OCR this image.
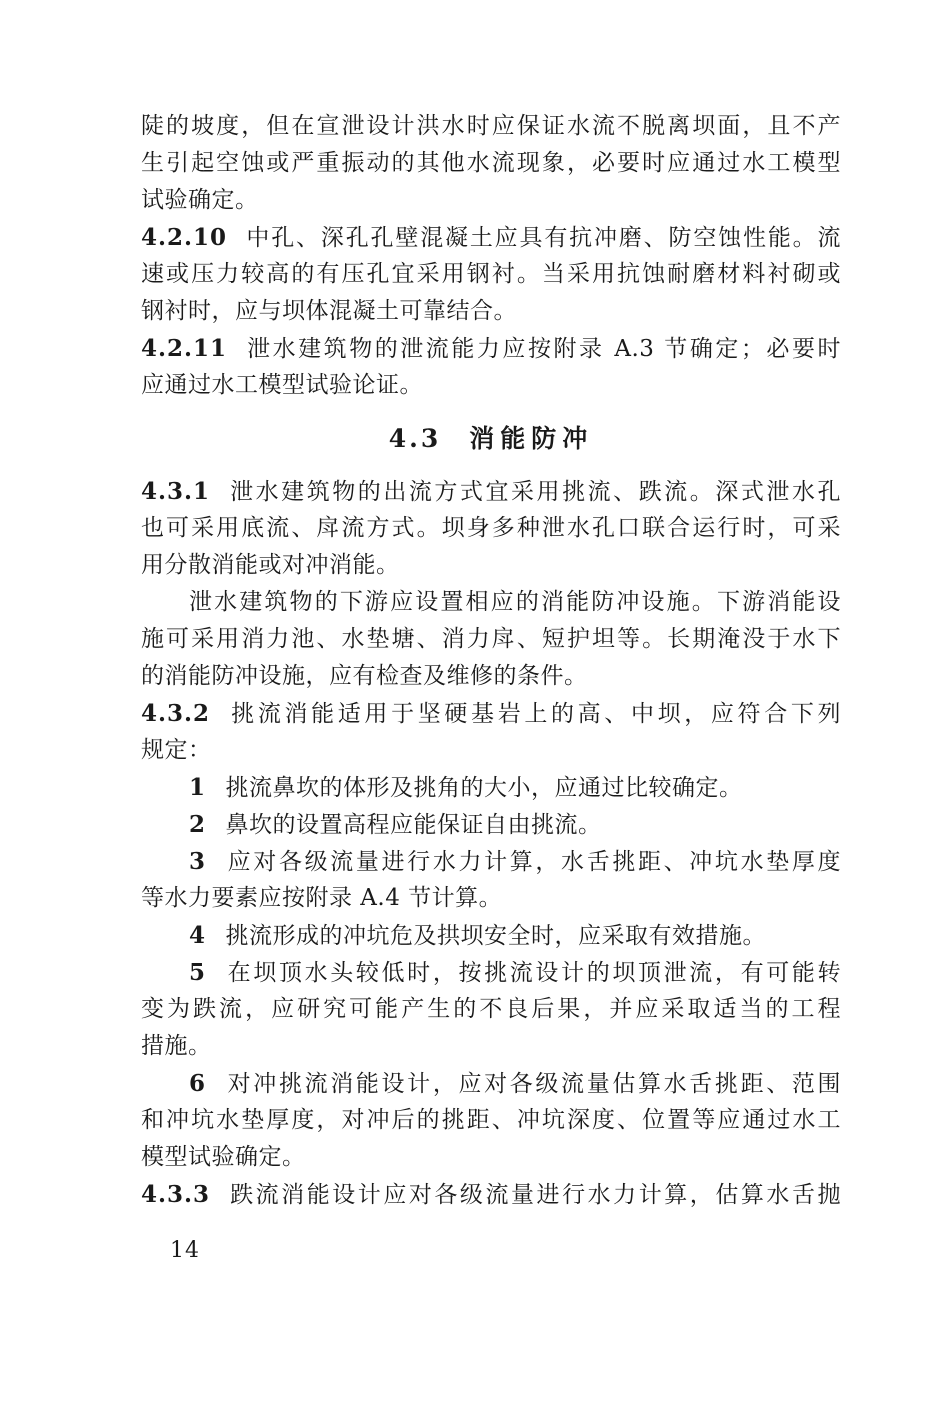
陡的坡度，但在宣泄设计洪水时应保证水流不脱离坝面，且不产
生引起空蚀或严重振动的其他水流现象，必要时应通过水工模型
试验确定。
4.2.10 中孔、深孔孔壁混凝土应具有抗冲磨、防空蚀性能。流
速或压力较高的有压孔宜采用钢衬。当采用抗蚀耐磨材料衬砌或
钢衬时，应与坝体混凝土可靠结合。
4.2.11 泄水建筑物的泄流能力应按附录 A.3 节确定；必要时
应通过水工模型试验论证。
4.3 消能防冲
4.3.1 泄水建筑物的出流方式宜采用挑流、跌流。深式泄水孔
也可采用底流、戽流方式。坝身多种泄水孔口联合运行时，可采
用分散消能或对冲消能。
泄水建筑物的下游应设置相应的消能防冲设施。下游消能设
施可采用消力池、水垫塘、消力戽、短护坦等。长期淹没于水下
的消能防冲设施，应有检查及维修的条件。
4.3.2 挑流消能适用于坚硬基岩上的高、中坝，应符合下列
规定：
1 挑流鼻坎的体形及挑角的大小，应通过比较确定。
2 鼻坎的设置高程应能保证自由挑流。
3 应对各级流量进行水力计算，水舌挑距、冲坑水垫厚度
等水力要素应按附录 A.4 节计算。
4 挑流形成的冲坑危及拱坝安全时，应采取有效措施。
5 在坝顶水头较低时，按挑流设计的坝顶泄流，有可能转
变为跌流，应研究可能产生的不良后果，并应采取适当的工程
措施。
6 对冲挑流消能设计，应对各级流量估算水舌挑距、范围
和冲坑水垫厚度，对冲后的挑距、冲坑深度、位置等应通过水工
模型试验确定。
4.3.3 跌流消能设计应对各级流量进行水力计算，估算水舌抛
14
